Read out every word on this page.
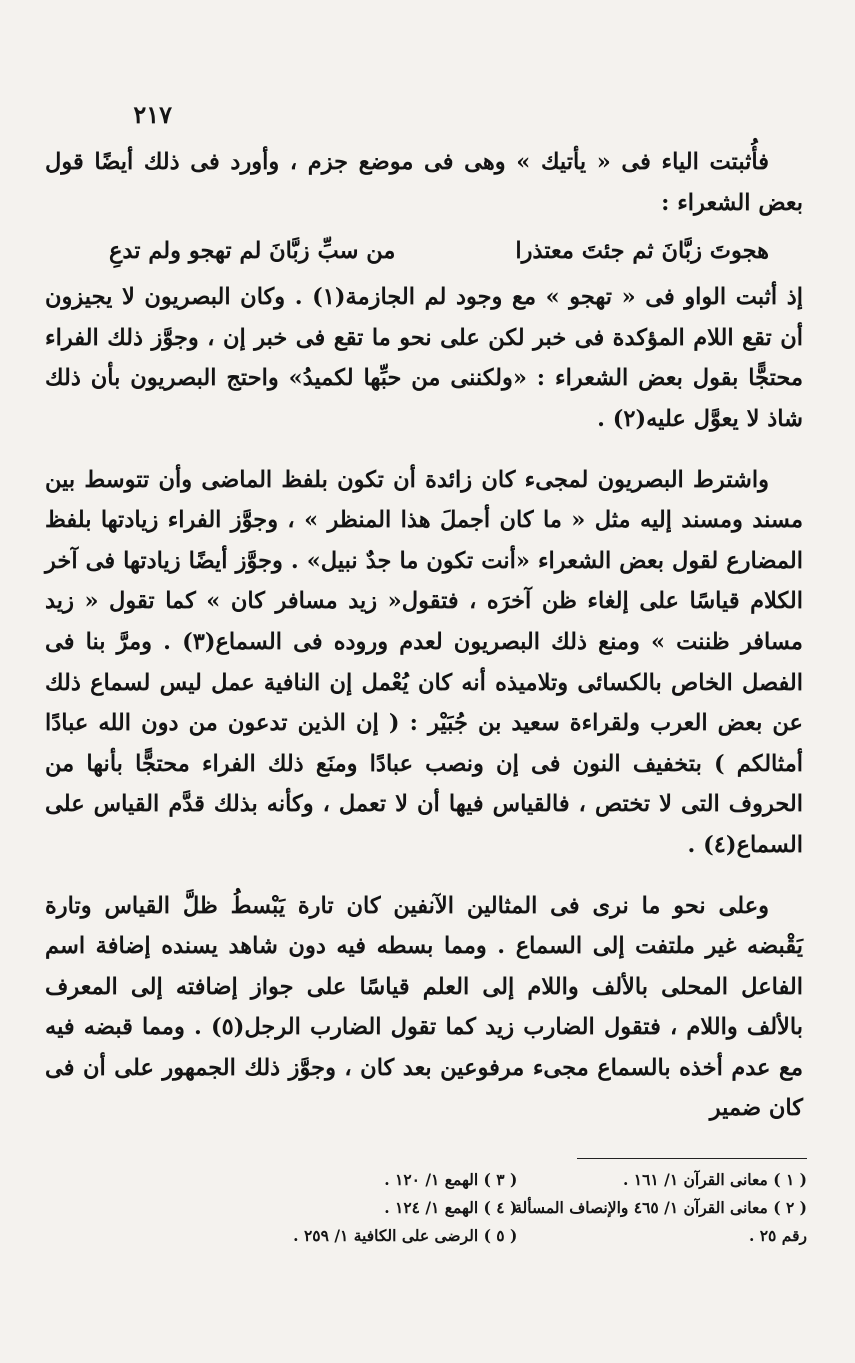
٢١٧

فأُثبتت الياء فى « يأتيك » وهى فى موضع جزم ، وأورد فى ذلك أيضًا قول بعض الشعراء :

هجوتَ زبَّانَ ثم جئتَ معتذرا
من سبِّ زبَّانَ لم تهجو ولم تدعِ

إذ أثبت الواو فى « تهجو » مع وجود لم الجازمة(١) . وكان البصريون لا يجيزون أن تقع اللام المؤكدة فى خبر لكن على نحو ما تقع فى خبر إن ، وجوَّز ذلك الفراء محتجًّا بقول بعض الشعراء : «ولكننى من حبِّها لكميدُ» واحتج البصريون بأن ذلك شاذ لا يعوَّل عليه(٢) .

واشترط البصريون لمجىء كان زائدة أن تكون بلفظ الماضى وأن تتوسط بين مسند ومسند إليه مثل « ما كان أجملَ هذا المنظر » ، وجوَّز الفراء زيادتها بلفظ المضارع لقول بعض الشعراء «أنت تكون ما جدٌ نبيل» . وجوَّز أيضًا زيادتها فى آخر الكلام قياسًا على إلغاء ظن آخرَه ، فتقول« زيد مسافر كان » كما تقول « زيد مسافر ظننت » ومنع ذلك البصريون لعدم وروده فى السماع(٣) . ومرَّ بنا فى الفصل الخاص بالكسائى وتلاميذه أنه كان يُعْمل إن النافية عمل ليس لسماع ذلك عن بعض العرب ولقراءة سعيد بن جُبَيْر : ( إن الذين تدعون من دون الله عبادًا أمثالكم ) بتخفيف النون فى إن ونصب عبادًا ومنَع ذلك الفراء محتجًّا بأنها من الحروف التى لا تختص ، فالقياس فيها أن لا تعمل ، وكأنه بذلك قدَّم القياس على السماع(٤) .

وعلى نحو ما نرى فى المثالين الآنفين كان تارة يَبْسطُ ظلَّ القياس وتارة يَقْبضه غير ملتفت إلى السماع . ومما بسطه فيه دون شاهد يسنده إضافة اسم الفاعل المحلى بالألف واللام إلى العلم قياسًا على جواز إضافته إلى المعرف بالألف واللام ، فتقول الضارب زيد كما تقول الضارب الرجل(٥) . ومما قبضه فيه مع عدم أخذه بالسماع مجىء مرفوعين بعد كان ، وجوَّز ذلك الجمهور على أن فى كان ضمير

( ١ ) معانى القرآن ١/ ١٦١ .
( ٢ ) معانى القرآن ١/ ٤٦٥ والإنصاف المسألة
رقم ٢٥ .
( ٣ ) الهمع ١/ ١٢٠ .
( ٤ ) الهمع ١/ ١٢٤ .
( ٥ ) الرضى على الكافية ١/ ٢٥٩ .
